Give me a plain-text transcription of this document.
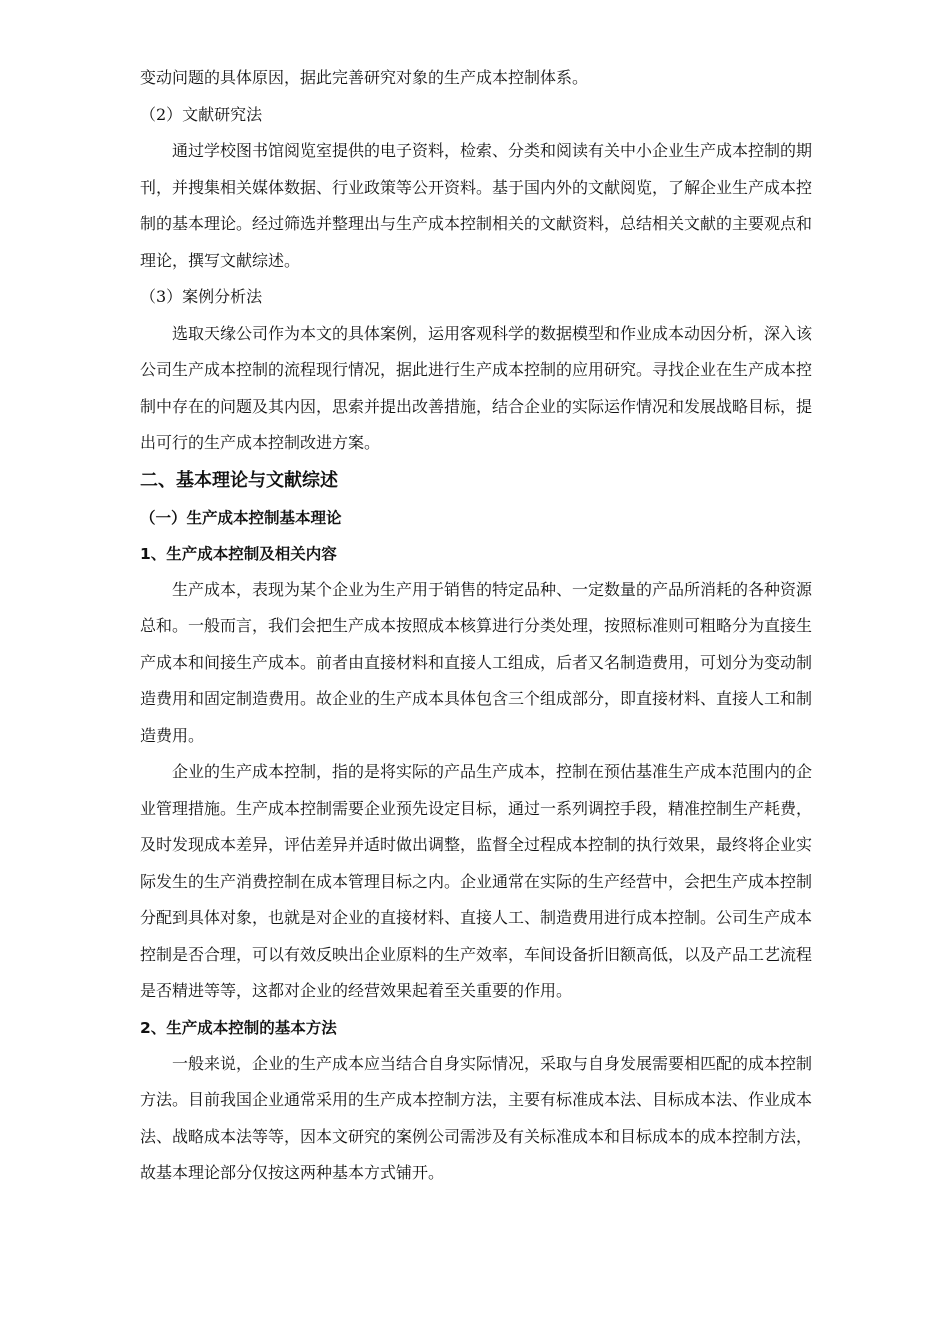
变动问题的具体原因，据此完善研究对象的生产成本控制体系。

（2）文献研究法

通过学校图书馆阅览室提供的电子资料，检索、分类和阅读有关中小企业生产成本控制的期刊，并搜集相关媒体数据、行业政策等公开资料。基于国内外的文献阅览，了解企业生产成本控制的基本理论。经过筛选并整理出与生产成本控制相关的文献资料，总结相关文献的主要观点和理论，撰写文献综述。

（3）案例分析法

选取天缘公司作为本文的具体案例，运用客观科学的数据模型和作业成本动因分析，深入该公司生产成本控制的流程现行情况，据此进行生产成本控制的应用研究。寻找企业在生产成本控制中存在的问题及其内因，思索并提出改善措施，结合企业的实际运作情况和发展战略目标，提出可行的生产成本控制改进方案。

二、基本理论与文献综述

（一）生产成本控制基本理论

1、生产成本控制及相关内容

生产成本，表现为某个企业为生产用于销售的特定品种、一定数量的产品所消耗的各种资源总和。一般而言，我们会把生产成本按照成本核算进行分类处理，按照标准则可粗略分为直接生产成本和间接生产成本。前者由直接材料和直接人工组成，后者又名制造费用，可划分为变动制造费用和固定制造费用。故企业的生产成本具体包含三个组成部分，即直接材料、直接人工和制造费用。

企业的生产成本控制，指的是将实际的产品生产成本，控制在预估基准生产成本范围内的企业管理措施。生产成本控制需要企业预先设定目标，通过一系列调控手段，精准控制生产耗费，及时发现成本差异，评估差异并适时做出调整，监督全过程成本控制的执行效果，最终将企业实际发生的生产消费控制在成本管理目标之内。企业通常在实际的生产经营中，会把生产成本控制分配到具体对象，也就是对企业的直接材料、直接人工、制造费用进行成本控制。公司生产成本控制是否合理，可以有效反映出企业原料的生产效率，车间设备折旧额高低，以及产品工艺流程是否精进等等，这都对企业的经营效果起着至关重要的作用。

2、生产成本控制的基本方法

一般来说，企业的生产成本应当结合自身实际情况，采取与自身发展需要相匹配的成本控制方法。目前我国企业通常采用的生产成本控制方法，主要有标准成本法、目标成本法、作业成本法、战略成本法等等，因本文研究的案例公司需涉及有关标准成本和目标成本的成本控制方法，故基本理论部分仅按这两种基本方式铺开。
